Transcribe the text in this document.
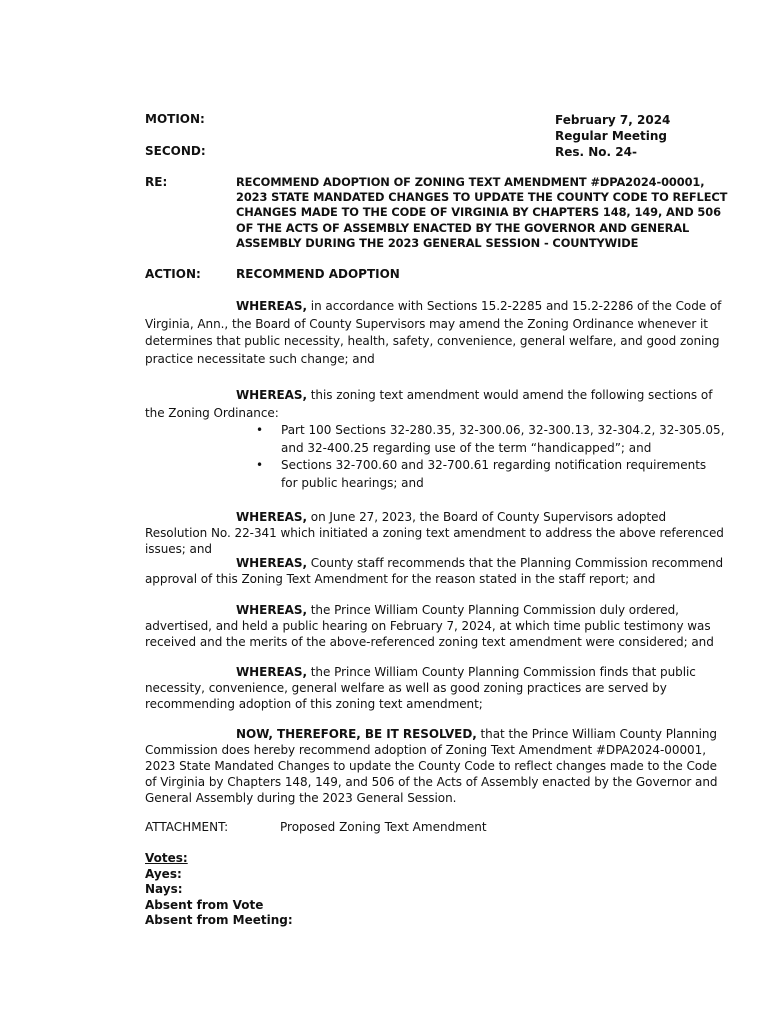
MOTION:
SECOND:
February 7, 2024
Regular Meeting
Res. No. 24-
RE:	RECOMMEND ADOPTION OF ZONING TEXT AMENDMENT #DPA2024-00001, 2023 STATE MANDATED CHANGES TO UPDATE THE COUNTY CODE TO REFLECT CHANGES MADE TO THE CODE OF VIRGINIA BY CHAPTERS 148, 149, AND 506 OF THE ACTS OF ASSEMBLY ENACTED BY THE GOVERNOR AND GENERAL ASSEMBLY DURING THE 2023 GENERAL SESSION - COUNTYWIDE
ACTION:	RECOMMEND ADOPTION

WHEREAS, in accordance with Sections 15.2-2285 and 15.2-2286 of the Code of Virginia, Ann., the Board of County Supervisors may amend the Zoning Ordinance whenever it determines that public necessity, health, safety, convenience, general welfare, and good zoning practice necessitate such change; and

WHEREAS, this zoning text amendment would amend the following sections of the Zoning Ordinance:

• Part 100 Sections 32-280.35, 32-300.06, 32-300.13, 32-304.2, 32-305.05, and 32-400.25 regarding use of the term “handicapped”; and
• Sections 32-700.60 and 32-700.61 regarding notification requirements for public hearings; and

WHEREAS, on June 27, 2023, the Board of County Supervisors adopted Resolution No. 22-341 which initiated a zoning text amendment to address the above referenced issues; and

WHEREAS, County staff recommends that the Planning Commission recommend approval of this Zoning Text Amendment for the reason stated in the staff report; and

WHEREAS, the Prince William County Planning Commission duly ordered, advertised, and held a public hearing on February 7, 2024, at which time public testimony was received and the merits of the above-referenced zoning text amendment were considered; and

WHEREAS, the Prince William County Planning Commission finds that public necessity, convenience, general welfare as well as good zoning practices are served by recommending adoption of this zoning text amendment;

NOW, THEREFORE, BE IT RESOLVED, that the Prince William County Planning Commission does hereby recommend adoption of Zoning Text Amendment #DPA2024-00001, 2023 State Mandated Changes to update the County Code to reflect changes made to the Code of Virginia by Chapters 148, 149, and 506 of the Acts of Assembly enacted by the Governor and General Assembly during the 2023 General Session.

ATTACHMENT:	Proposed Zoning Text Amendment
Votes:
Ayes:
Nays:
Absent from Vote
Absent from Meeting:
